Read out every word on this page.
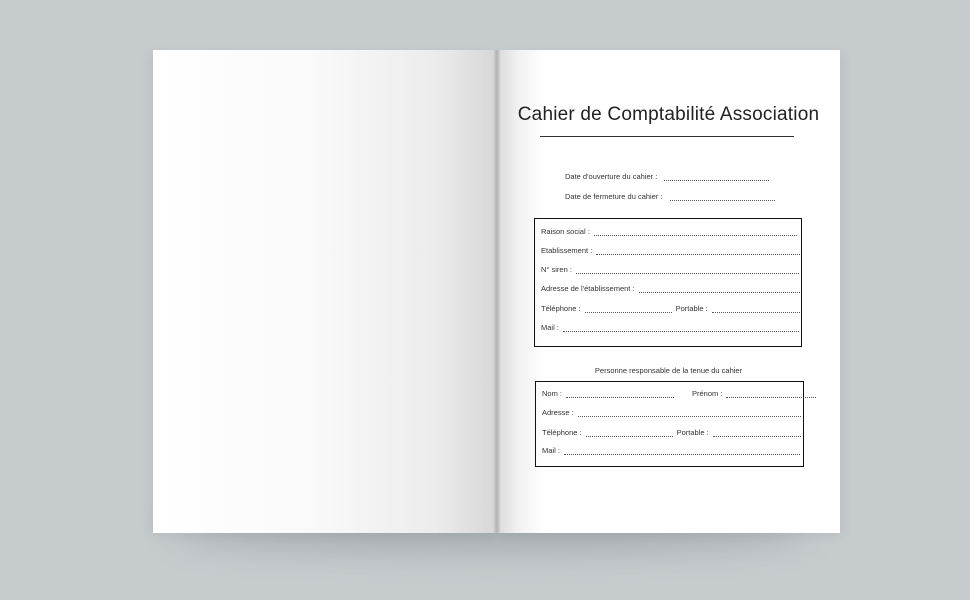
Cahier de Comptabilité Association
Date d'ouverture du cahier :
Date de fermeture du cahier :
Raison social :
Etablissement :
N° siren :
Adresse de l'établissement :
Téléphone :	Portable :
Mail :
Personne responsable de la tenue du cahier
Nom :	Prénom :
Adresse :
Téléphone :	Portable :
Mail :
